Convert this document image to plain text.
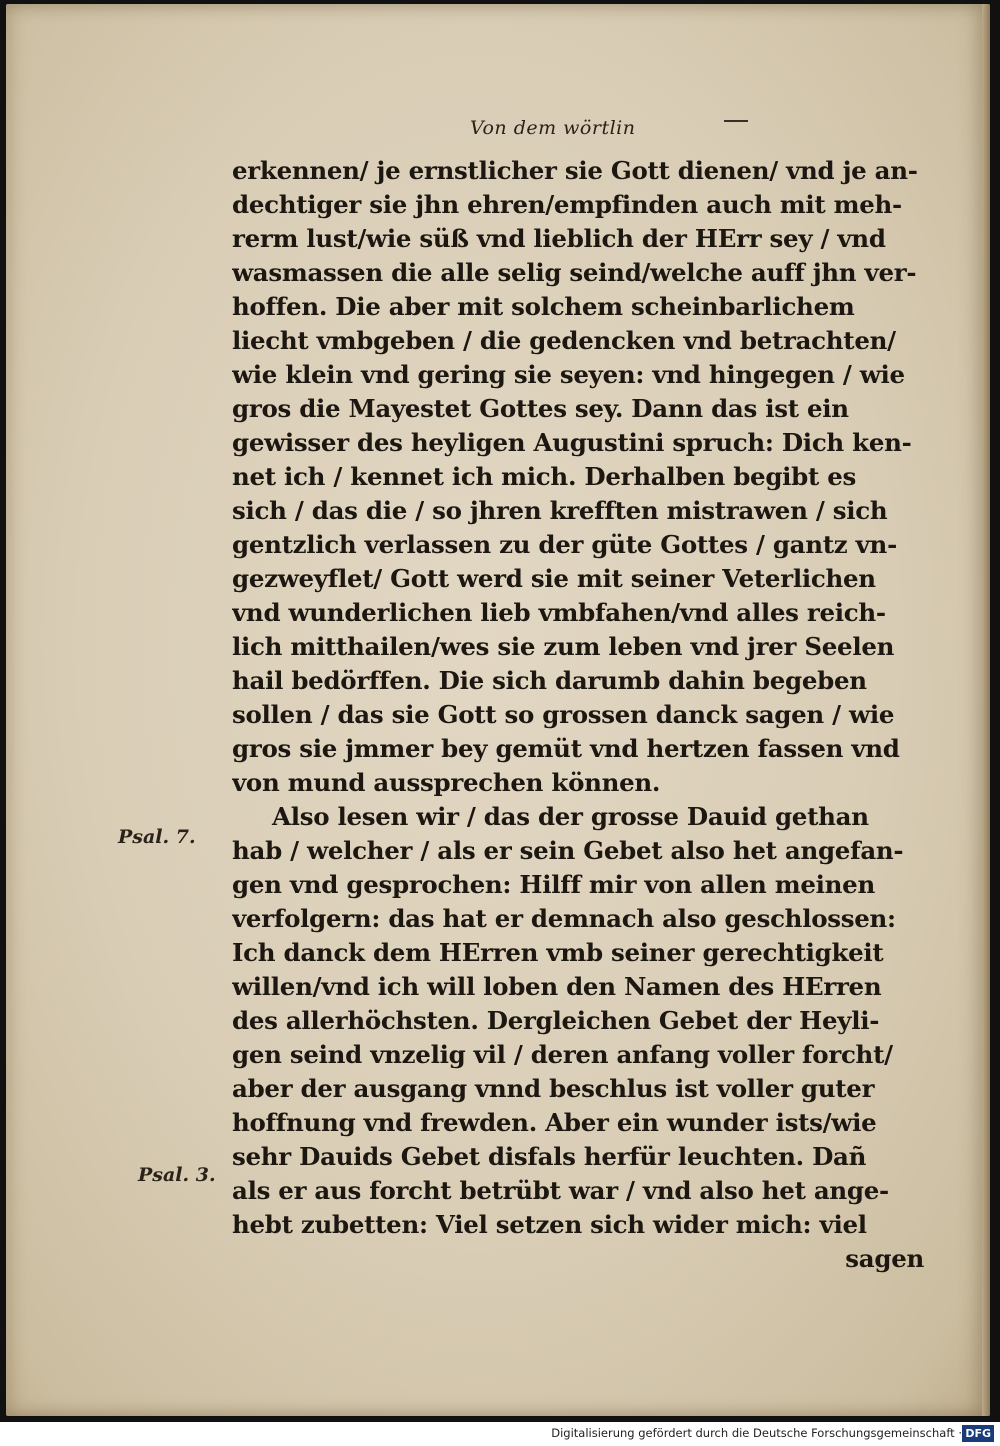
Von dem wörtlin
erkennen/ je ernstlicher sie Gott dienen/ vnd je an-
dechtiger sie jhn ehren/empfinden auch mit meh-
rerm lust/wie süß vnd lieblich der HErr sey / vnd
wasmassen die alle selig seind/welche auff jhn ver-
hoffen. Die aber mit solchem scheinbarlichem
liecht vmbgeben / die gedencken vnd betrachten/
wie klein vnd gering sie seyen: vnd hingegen / wie
gros die Mayestet Gottes sey. Dann das ist ein
gewisser des heyligen Augustini spruch: Dich ken-
net ich / kennet ich mich. Derhalben begibt es
sich / das die / so jhren krefften mistrawen / sich
gentzlich verlassen zu der güte Gottes / gantz vn-
gezweyflet/ Gott werd sie mit seiner Veterlichen
vnd wunderlichen lieb vmbfahen/vnd alles reich-
lich mitthailen/wes sie zum leben vnd jrer Seelen
hail bedörffen. Die sich darumb dahin begeben
sollen / das sie Gott so grossen danck sagen / wie
gros sie jmmer bey gemüt vnd hertzen fassen vnd
von mund aussprechen können.
Also lesen wir / das der grosse Dauid gethan
hab / welcher / als er sein Gebet also het angefan-
gen vnd gesprochen: Hilff mir von allen meinen
verfolgern: das hat er demnach also geschlossen:
Ich danck dem HErren vmb seiner gerechtigkeit
willen/vnd ich will loben den Namen des HErren
des allerhöchsten. Dergleichen Gebet der Heyli-
gen seind vnzelig vil / deren anfang voller forcht/
aber der ausgang vnnd beschlus ist voller guter
hoffnung vnd frewden. Aber ein wunder ists/wie
sehr Dauids Gebet disfals herfür leuchten. Dañ
als er aus forcht betrübt war / vnd also het ange-
hebt zubetten: Viel setzen sich wider mich: viel
sagen
Psal. 7.
Psal. 3.
Digitalisierung gefördert durch die Deutsche Forschungsgemeinschaft · DFG
